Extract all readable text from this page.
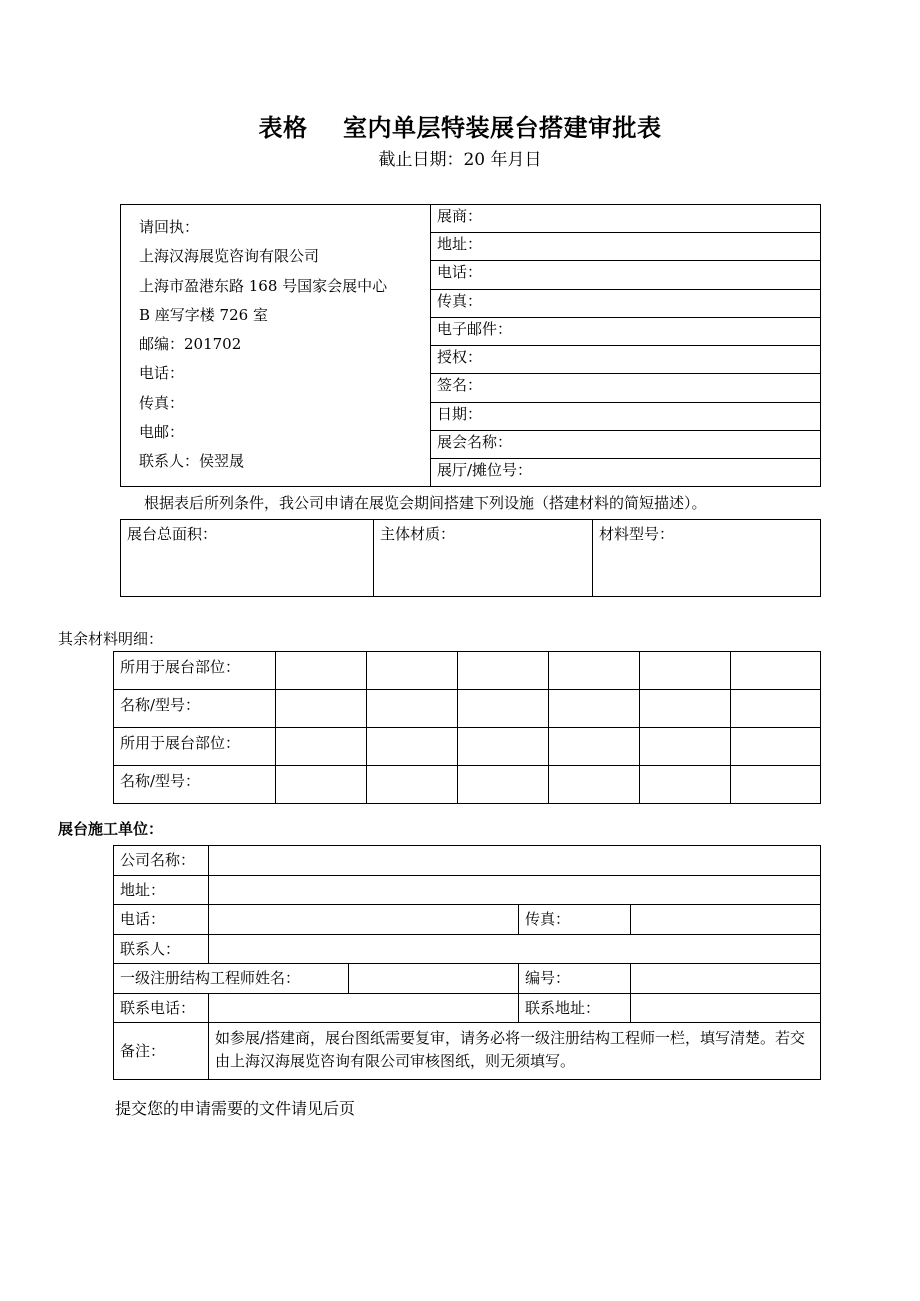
表格    室内单层特装展台搭建审批表
截止日期：20 年月日
请回执：
上海汉海展览咨询有限公司
上海市盈港东路 168 号国家会展中心
B 座写字楼 726 室
邮编：201702
电话：
传真：
电邮：
联系人：侯翌晟
	展商：
地址：
电话：
传真：
电子邮件：
授权：
签名：
日期：
展会名称：
展厅/摊位号：
根据表后所列条件，我公司申请在展览会期间搭建下列设施（搭建材料的简短描述）。
展台总面积：	主体材质：	材料型号：
其余材料明细：
所用于展台部位：						
名称/型号：						
所用于展台部位：						
名称/型号：						
展台施工单位：
公司名称：				
地址：				
电话：			传真：	
联系人：				
一级注册结构工程师姓名：			编号：	
联系电话：			联系地址：	
备注：	如参展/搭建商，展台图纸需要复审，请务必将一级注册结构工程师一栏，填写清楚。若交由上海汉海展览咨询有限公司审核图纸，则无须填写。			
提交您的申请需要的文件请见后页
